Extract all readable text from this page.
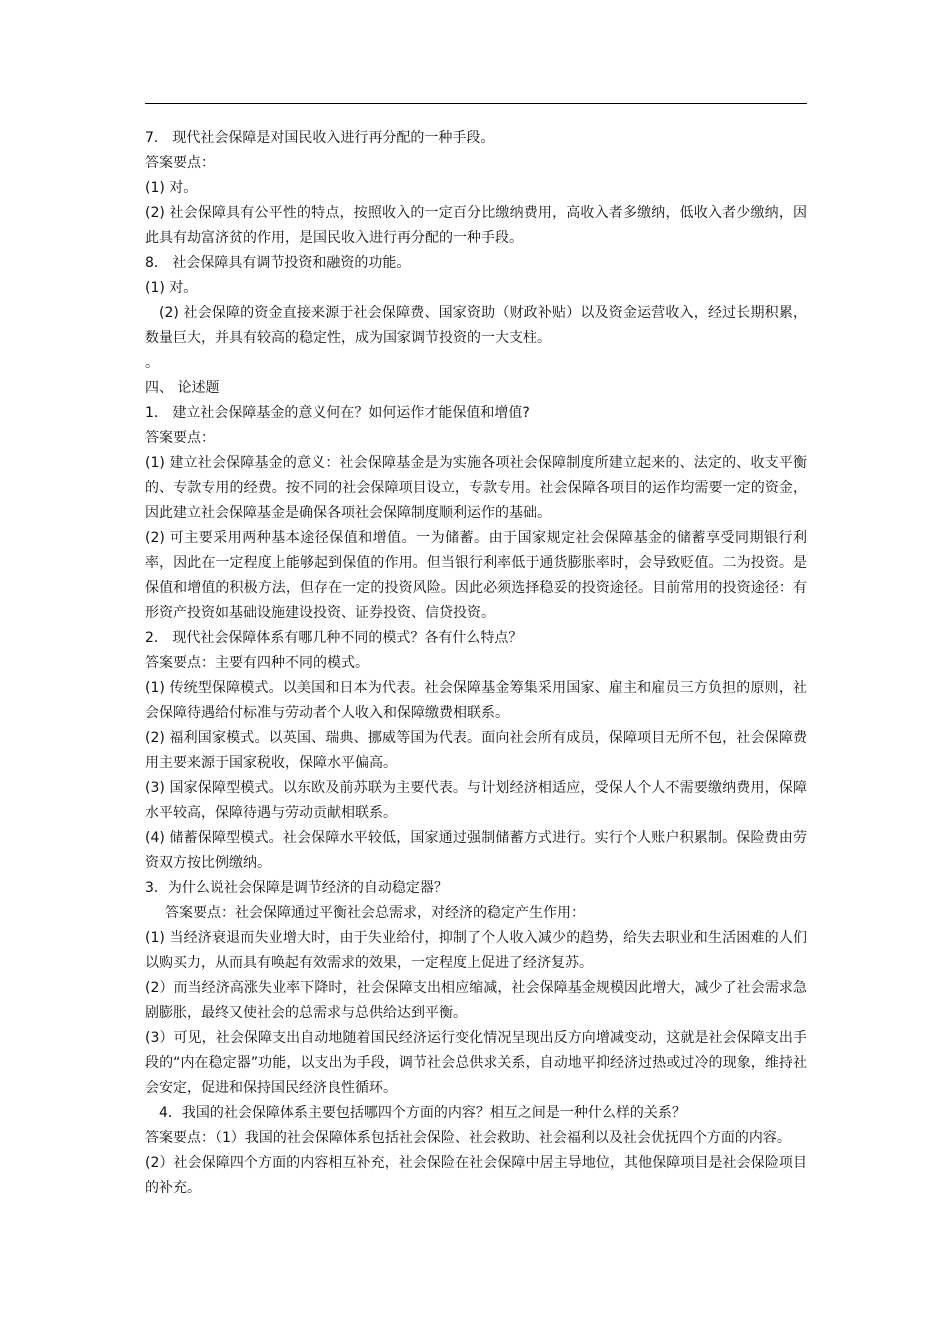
7． 现代社会保障是对国民收入进行再分配的一种手段。

答案要点：

(1) 对。

(2) 社会保障具有公平性的特点，按照收入的一定百分比缴纳费用，高收入者多缴纳，低收入者少缴纳，因此具有劫富济贫的作用，是国民收入进行再分配的一种手段。

8． 社会保障具有调节投资和融资的功能。

(1) 对。

(2) 社会保障的资金直接来源于社会保障费、国家资助（财政补贴）以及资金运营收入，经过长期积累，数量巨大，并具有较高的稳定性，成为国家调节投资的一大支柱。

。

四、 论述题

1． 建立社会保障基金的意义何在？如何运作才能保值和增值?

答案要点：

(1) 建立社会保障基金的意义：社会保障基金是为实施各项社会保障制度所建立起来的、法定的、收支平衡的、专款专用的经费。按不同的社会保障项目设立，专款专用。社会保障各项目的运作均需要一定的资金，因此建立社会保障基金是确保各项社会保障制度顺利运作的基础。

(2) 可主要采用两种基本途径保值和增值。一为储蓄。由于国家规定社会保障基金的储蓄享受同期银行利率，因此在一定程度上能够起到保值的作用。但当银行利率低于通货膨胀率时，会导致贬值。二为投资。是保值和增值的积极方法，但存在一定的投资风险。因此必须选择稳妥的投资途径。目前常用的投资途径：有形资产投资如基础设施建设投资、证券投资、信贷投资。

2． 现代社会保障体系有哪几种不同的模式？各有什么特点？

答案要点：主要有四种不同的模式。

(1) 传统型保障模式。以美国和日本为代表。社会保障基金筹集采用国家、雇主和雇员三方负担的原则，社会保障待遇给付标准与劳动者个人收入和保障缴费相联系。

(2) 福利国家模式。以英国、瑞典、挪威等国为代表。面向社会所有成员，保障项目无所不包，社会保障费用主要来源于国家税收，保障水平偏高。

(3) 国家保障型模式。以东欧及前苏联为主要代表。与计划经济相适应，受保人个人不需要缴纳费用，保障水平较高，保障待遇与劳动贡献相联系。

(4) 储蓄保障型模式。社会保障水平较低，国家通过强制储蓄方式进行。实行个人账户积累制。保险费由劳资双方按比例缴纳。

3．为什么说社会保障是调节经济的自动稳定器？

答案要点：社会保障通过平衡社会总需求，对经济的稳定产生作用：

(1) 当经济衰退而失业增大时，由于失业给付，抑制了个人收入减少的趋势，给失去职业和生活困难的人们以购买力，从而具有唤起有效需求的效果，一定程度上促进了经济复苏。

(2）而当经济高涨失业率下降时，社会保障支出相应缩减，社会保障基金规模因此增大，减少了社会需求急剧膨胀，最终又使社会的总需求与总供给达到平衡。

(3）可见，社会保障支出自动地随着国民经济运行变化情况呈现出反方向增减变动，这就是社会保障支出手段的“内在稳定器”功能，以支出为手段，调节社会总供求关系，自动地平抑经济过热或过冷的现象，维持社会安定，促进和保持国民经济良性循环。

4．我国的社会保障体系主要包括哪四个方面的内容？相互之间是一种什么样的关系？

答案要点：（1）我国的社会保障体系包括社会保险、社会救助、社会福利以及社会优抚四个方面的内容。

(2）社会保障四个方面的内容相互补充，社会保险在社会保障中居主导地位，其他保障项目是社会保险项目的补充。
